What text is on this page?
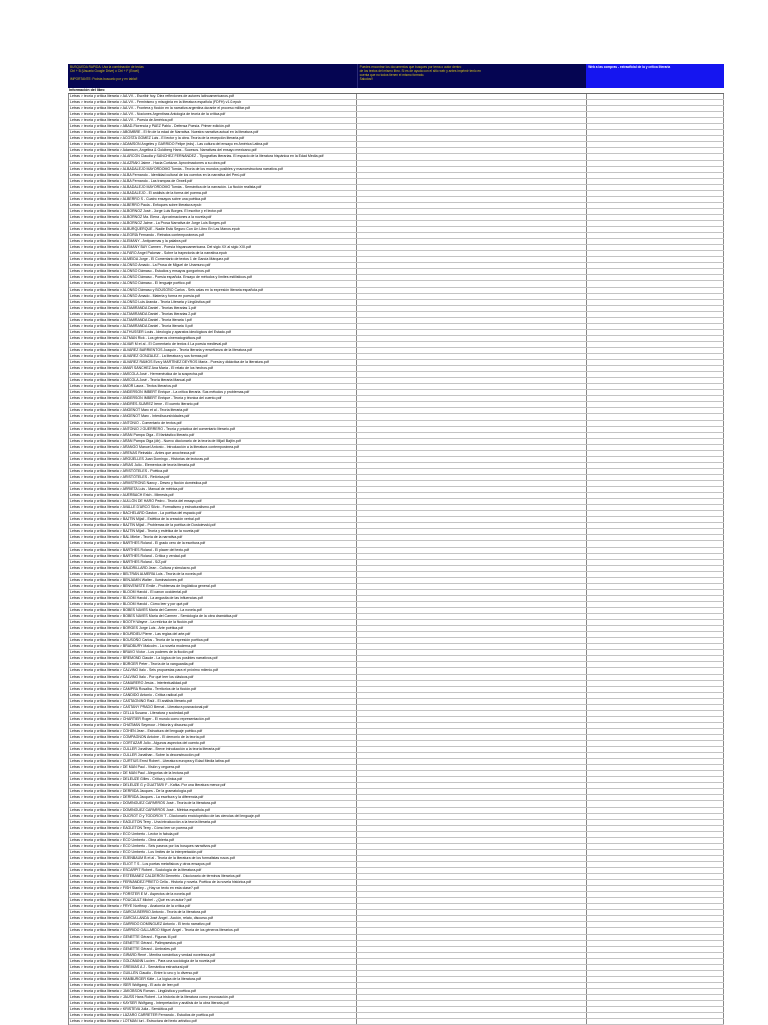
BUSQUEDA RAPIDA: Usa la combinación de teclas
Ctrl + B (Usuario Google Drive) o Ctrl + F (Excel)
IMPORTANTE: Podrás buscarlo por y en tabla!!
Puedes encontrar los documentos que busques por tema o autor dentro
de los textos del mismo libro. Si es de ayuda con el sitio web y antes imprimir tenlo en
cuenta que no todos tienen el mismo formato.
Saludos!!
Web a las compras - extraoficial de la y crítica literaria
Información del libro
Letras > teoría y crítica literaria > AA.VV. - Escribir hoy. Diez reflexiones de autores latinoamericanos.pdf
Letras > teoría y crítica literaria > AA.VV. - Feminismo y misoginia en la literatura española (FDFH) v1.0.epub
Letras > teoría y crítica literaria > AA.VV. - Frontera y ficción en la narrativa argentina durante el proceso militar.pdf
Letras > teoría y crítica literaria > AA.VV. - Nociones Argentinas Antología de teoría de la crítica.pdf
Letras > teoría y crítica literaria > AA.VV. - Poesía de América.pdf
Letras > teoría y crítica literaria > ABAD-Florencia y PAEZ Pablo - Defensa Poesía. Primer edición.pdf
Letras > teoría y crítica literaria > ABOMBRE - El fin de la edad de Narrativa. Nuestra narrativa actual en la literatura.pdf
Letras > teoría y crítica literaria > ACOSTA GOMEZ Luis - El lector y la obra. Teoría de la recepción literaria.pdf
Letras > teoría y crítica literaria > ADAMSON Angeles y GARRIDO Felipe (eds) - Las cultura del ensayo en América Latina.pdf
Letras > teoría y crítica literaria > Adamson, Angelina & Goldberg Hans - Sucesos. Narrativas del ensayo mexicano.pdf
Letras > teoría y crítica literaria > ALARCÓN Claudia y SÁNCHEZ FERNÁNDEZ - Tipografías literarias. El espacio de la literatura hispánica en la Edad Media.pdf
Letras > teoría y crítica literaria > ALAZRAKI Jaime - Hacia Cortázar. Aproximaciones a su obra.pdf
Letras > teoría y crítica literaria > ALBADALEJO MAYORDOMO Tomás - Teoría de los mundos posibles y macroestructura narrativa.pdf
Letras > teoría y crítica literaria > ALBA Fernando - Identidad cultural de los cuentos en la narrativa del Perú.pdf
Letras > teoría y crítica literaria > ALBA Fernando - Las trampas de Orwell.pdf
Letras > teoría y crítica literaria > ALBADALEJO MAYORDOMO Tomás - Semántica de la narración. La ficción realista.pdf
Letras > teoría y crítica literaria > ALBADALEJO - El análisis de la forma del poema.pdf
Letras > teoría y crítica literaria > ALBERRO S - Cuatro ensayos sobre una poética.pdf
Letras > teoría y crítica literaria > ALBERRO Paola - Enfoques sobre literatura.epub
Letras > teoría y crítica literaria > ALBORNOZ José - Jorge Luis Borges. El escritor y el lector.pdf
Letras > teoría y crítica literaria > ALBORNOZ Ma. Elena - Aproximaciones a la novela.pdf
Letras > teoría y crítica literaria > ALBORNOZ Jaime - La Prosa Narrativa de Jorge Luis Borges.pdf
Letras > teoría y crítica literaria > ALBURQUERQUE - Nadie Está Seguro Con Un Libro En Las Manos.epub
Letras > teoría y crítica literaria > ALEGRÍA Fernando - Retratos contemporáneos.pdf
Letras > teoría y crítica literaria > ALEMANY - Antipoemas y la palabra.pdf
Letras > teoría y crítica literaria > ALEMANY BAY Carmen - Poesía hispanoamericana. Del siglo XX al siglo XXI.pdf
Letras > teoría y crítica literaria > ALFARO Angel Palomar - Sobre la trayectoria de la narrativa.epub
Letras > teoría y crítica literaria > ALMEIDA Jorge - El Comentario de textos 1 de García Márquez.pdf
Letras > teoría y crítica literaria > ALONSO Amado - La Prosa de Miguel de Unamuno.pdf
Letras > teoría y crítica literaria > ALONSO Dámaso - Estudios y ensayos gongorinos.pdf
Letras > teoría y crítica literaria > ALONSO Dámaso - Poesía española. Ensayo de métodos y límites estilísticos.pdf
Letras > teoría y crítica literaria > ALONSO Dámaso - El lenguaje poético.pdf
Letras > teoría y crítica literaria > ALONSO Dámaso y BOUSOÑO Carlos - Seis calas en la expresión literaria española.pdf
Letras > teoría y crítica literaria > ALONSO Amado - Materia y forma en poesía.pdf
Letras > teoría y crítica literaria > ALONSO Luis Aranda - Teoría Literaria y Lingüística.pdf
Letras > teoría y crítica literaria > ALTAMIRANDA Daniel - Teorías literarias 1.pdf
Letras > teoría y crítica literaria > ALTAMIRANDA Daniel - Teorías literarias 2.pdf
Letras > teoría y crítica literaria > ALTAMIRANDA Daniel - Teoría literaria I.pdf
Letras > teoría y crítica literaria > ALTAMIRANDA Daniel - Teoría literaria II.pdf
Letras > teoría y crítica literaria > ALTHUSSER Louis - Ideología y aparatos ideológicos del Estado.pdf
Letras > teoría y crítica literaria > ALTMAN Rick - Los géneros cinematográficos.pdf
Letras > teoría y crítica literaria > ALVAR M et al - El Comentario de textos 4 La poesía medieval.pdf
Letras > teoría y crítica literaria > ÁLVAREZ BARRIENTOS Joaquín - Teoría literaria y enseñanza de la literatura.pdf
Letras > teoría y crítica literaria > ÁLVAREZ GONZÁLEZ - La literatura y sus formas.pdf
Letras > teoría y crítica literaria > ÁLVAREZ RAMOS Eva y MARTÍNEZ DEYROS María - Poesía y didáctica de la literatura.pdf
Letras > teoría y crítica literaria > AMAR SÁNCHEZ Ana María - El relato de los hechos.pdf
Letras > teoría y crítica literaria > AMÍCOLA José - Hermenéutica de la sospecha.pdf
Letras > teoría y crítica literaria > AMÍCOLA José - Teoría literaria Manual.pdf
Letras > teoría y crítica literaria > AMOR Laura - Textos literarios.pdf
Letras > teoría y crítica literaria > ANDERSON IMBERT Enrique - La crítica literaria. Sus métodos y problemas.pdf
Letras > teoría y crítica literaria > ANDERSON IMBERT Enrique - Teoría y técnica del cuento.pdf
Letras > teoría y crítica literaria > ANDRÉS-SUÁREZ Irene - El cuento literario.pdf
Letras > teoría y crítica literaria > ANGENOT Marc et al - Teoría literaria.pdf
Letras > teoría y crítica literaria > ANGENOT Marc - Interdiscursividades.pdf
Letras > teoría y crítica literaria > ANTONIO - Comentario de textos.pdf
Letras > teoría y crítica literaria > ANTONIO J GUERRERO - Teoría y práctica del comentario literario.pdf
Letras > teoría y crítica literaria > ARÁN Pampa Olga - El fantástico literario.pdf
Letras > teoría y crítica literaria > ARÁN Pampa Olga (dir) - Nuevo diccionario de la teoría de Mijaíl Bajtín.pdf
Letras > teoría y crítica literaria > ARANGO Manuel Antonio - Introducción a la literatura contemporánea.pdf
Letras > teoría y crítica literaria > ARENAS Reinaldo - Antes que anochezca.pdf
Letras > teoría y crítica literaria > ARGÜELLES Juan Domingo - Historias de lecturas.pdf
Letras > teoría y crítica literaria > ARIAS Julio - Elementos de teoría literaria.pdf
Letras > teoría y crítica literaria > ARISTÓTELES - Poética.pdf
Letras > teoría y crítica literaria > ARISTÓTELES - Retórica.pdf
Letras > teoría y crítica literaria > ARMSTRONG Nancy - Deseo y ficción doméstica.pdf
Letras > teoría y crítica literaria > ARRIETA Luis - Manual de métrica.pdf
Letras > teoría y crítica literaria > AUERBACH Erich - Mimesis.pdf
Letras > teoría y crítica literaria > AULLÓN DE HARO Pedro - Teoría del ensayo.pdf
Letras > teoría y crítica literaria > AVALLE D'ARCO Silvio - Formalismo y estructuralismo.pdf
Letras > teoría y crítica literaria > BACHELARD Gaston - La poética del espacio.pdf
Letras > teoría y crítica literaria > BAJTÍN Mijaíl - Estética de la creación verbal.pdf
Letras > teoría y crítica literaria > BAJTÍN Mijaíl - Problemas de la poética de Dostoievski.pdf
Letras > teoría y crítica literaria > BAJTÍN Mijaíl - Teoría y estética de la novela.pdf
Letras > teoría y crítica literaria > BAL Mieke - Teoría de la narrativa.pdf
Letras > teoría y crítica literaria > BARTHES Roland - El grado cero de la escritura.pdf
Letras > teoría y crítica literaria > BARTHES Roland - El placer del texto.pdf
Letras > teoría y crítica literaria > BARTHES Roland - Crítica y verdad.pdf
Letras > teoría y crítica literaria > BARTHES Roland - S/Z.pdf
Letras > teoría y crítica literaria > BAUDRILLARD Jean - Cultura y simulacro.pdf
Letras > teoría y crítica literaria > BELTRÁN ALMERÍA Luis - Teoría de la novela.pdf
Letras > teoría y crítica literaria > BENJAMIN Walter - Iluminaciones.pdf
Letras > teoría y crítica literaria > BENVENISTE Émile - Problemas de lingüística general.pdf
Letras > teoría y crítica literaria > BLOOM Harold - El canon occidental.pdf
Letras > teoría y crítica literaria > BLOOM Harold - La angustia de las influencias.pdf
Letras > teoría y crítica literaria > BLOOM Harold - Cómo leer y por qué.pdf
Letras > teoría y crítica literaria > BOBES NAVES María del Carmen - La novela.pdf
Letras > teoría y crítica literaria > BOBES NAVES María del Carmen - Semiología de la obra dramática.pdf
Letras > teoría y crítica literaria > BOOTH Wayne - La retórica de la ficción.pdf
Letras > teoría y crítica literaria > BORGES Jorge Luis - Arte poética.pdf
Letras > teoría y crítica literaria > BOURDIEU Pierre - Las reglas del arte.pdf
Letras > teoría y crítica literaria > BOUSOÑO Carlos - Teoría de la expresión poética.pdf
Letras > teoría y crítica literaria > BRADBURY Malcolm - La novela moderna.pdf
Letras > teoría y crítica literaria > BRAVO Víctor - Los poderes de la ficción.pdf
Letras > teoría y crítica literaria > BREMOND Claude - La lógica de los posibles narrativos.pdf
Letras > teoría y crítica literaria > BÜRGER Peter - Teoría de la vanguardia.pdf
Letras > teoría y crítica literaria > CALVINO Italo - Seis propuestas para el próximo milenio.pdf
Letras > teoría y crítica literaria > CALVINO Italo - Por qué leer los clásicos.pdf
Letras > teoría y crítica literaria > CAMARERO Jesús - Intertextualidad.pdf
Letras > teoría y crítica literaria > CAMPRA Rosalba - Territorios de la ficción.pdf
Letras > teoría y crítica literaria > CANDIDO Antonio - Crítica radical.pdf
Letras > teoría y crítica literaria > CASTAGNINO Raúl - El análisis literario.pdf
Letras > teoría y crítica literaria > CASTANY PRADO Bernat - Literatura posnacional.pdf
Letras > teoría y crítica literaria > CELLA Susana - Literatura y sociedad.pdf
Letras > teoría y crítica literaria > CHARTIER Roger - El mundo como representación.pdf
Letras > teoría y crítica literaria > CHATMAN Seymour - Historia y discurso.pdf
Letras > teoría y crítica literaria > COHEN Jean - Estructura del lenguaje poético.pdf
Letras > teoría y crítica literaria > COMPAGNON Antoine - El demonio de la teoría.pdf
Letras > teoría y crítica literaria > CORTÁZAR Julio - Algunos aspectos del cuento.pdf
Letras > teoría y crítica literaria > CULLER Jonathan - Breve introducción a la teoría literaria.pdf
Letras > teoría y crítica literaria > CULLER Jonathan - Sobre la deconstrucción.pdf
Letras > teoría y crítica literaria > CURTIUS Ernst Robert - Literatura europea y Edad Media latina.pdf
Letras > teoría y crítica literaria > DE MAN Paul - Visión y ceguera.pdf
Letras > teoría y crítica literaria > DE MAN Paul - Alegorías de la lectura.pdf
Letras > teoría y crítica literaria > DELEUZE Gilles - Crítica y clínica.pdf
Letras > teoría y crítica literaria > DELEUZE G y GUATTARI F - Kafka. Por una literatura menor.pdf
Letras > teoría y crítica literaria > DERRIDA Jacques - De la gramatología.pdf
Letras > teoría y crítica literaria > DERRIDA Jacques - La escritura y la diferencia.pdf
Letras > teoría y crítica literaria > DOMÍNGUEZ CAPARRÓS José - Teoría de la literatura.pdf
Letras > teoría y crítica literaria > DOMÍNGUEZ CAPARRÓS José - Métrica española.pdf
Letras > teoría y crítica literaria > DUCROT O y TODOROV T - Diccionario enciclopédico de las ciencias del lenguaje.pdf
Letras > teoría y crítica literaria > EAGLETON Terry - Una introducción a la teoría literaria.pdf
Letras > teoría y crítica literaria > EAGLETON Terry - Cómo leer un poema.pdf
Letras > teoría y crítica literaria > ECO Umberto - Lector in fabula.pdf
Letras > teoría y crítica literaria > ECO Umberto - Obra abierta.pdf
Letras > teoría y crítica literaria > ECO Umberto - Seis paseos por los bosques narrativos.pdf
Letras > teoría y crítica literaria > ECO Umberto - Los límites de la interpretación.pdf
Letras > teoría y crítica literaria > EIJENBAUM B et al - Teoría de la literatura de los formalistas rusos.pdf
Letras > teoría y crítica literaria > ELIOT T S - Los poetas metafísicos y otros ensayos.pdf
Letras > teoría y crítica literaria > ESCARPIT Robert - Sociología de la literatura.pdf
Letras > teoría y crítica literaria > ESTÉBANEZ CALDERÓN Demetrio - Diccionario de términos literarios.pdf
Letras > teoría y crítica literaria > FERNÁNDEZ PRIETO Celia - Historia y novela. Poética de la novela histórica.pdf
Letras > teoría y crítica literaria > FISH Stanley - ¿Hay un texto en esta clase?.pdf
Letras > teoría y crítica literaria > FORSTER E M - Aspectos de la novela.pdf
Letras > teoría y crítica literaria > FOUCAULT Michel - ¿Qué es un autor?.pdf
Letras > teoría y crítica literaria > FRYE Northrop - Anatomía de la crítica.pdf
Letras > teoría y crítica literaria > GARCÍA BERRIO Antonio - Teoría de la literatura.pdf
Letras > teoría y crítica literaria > GARCÍA LANDA José Ángel - Acción, relato, discurso.pdf
Letras > teoría y crítica literaria > GARRIDO DOMÍNGUEZ Antonio - El texto narrativo.pdf
Letras > teoría y crítica literaria > GARRIDO GALLARDO Miguel Ángel - Teoría de los géneros literarios.pdf
Letras > teoría y crítica literaria > GENETTE Gérard - Figuras III.pdf
Letras > teoría y crítica literaria > GENETTE Gérard - Palimpsestos.pdf
Letras > teoría y crítica literaria > GENETTE Gérard - Umbrales.pdf
Letras > teoría y crítica literaria > GIRARD René - Mentira romántica y verdad novelesca.pdf
Letras > teoría y crítica literaria > GOLDMANN Lucien - Para una sociología de la novela.pdf
Letras > teoría y crítica literaria > GREIMAS A J - Semántica estructural.pdf
Letras > teoría y crítica literaria > GUILLÉN Claudio - Entre lo uno y lo diverso.pdf
Letras > teoría y crítica literaria > HAMBURGER Käte - La lógica de la literatura.pdf
Letras > teoría y crítica literaria > ISER Wolfgang - El acto de leer.pdf
Letras > teoría y crítica literaria > JAKOBSON Roman - Lingüística y poética.pdf
Letras > teoría y crítica literaria > JAUSS Hans Robert - La historia de la literatura como provocación.pdf
Letras > teoría y crítica literaria > KAYSER Wolfgang - Interpretación y análisis de la obra literaria.pdf
Letras > teoría y crítica literaria > KRISTEVA Julia - Semiótica.pdf
Letras > teoría y crítica literaria > LÁZARO CARRETER Fernando - Estudios de poética.pdf
Letras > teoría y crítica literaria > LOTMAN Iuri - Estructura del texto artístico.pdf
